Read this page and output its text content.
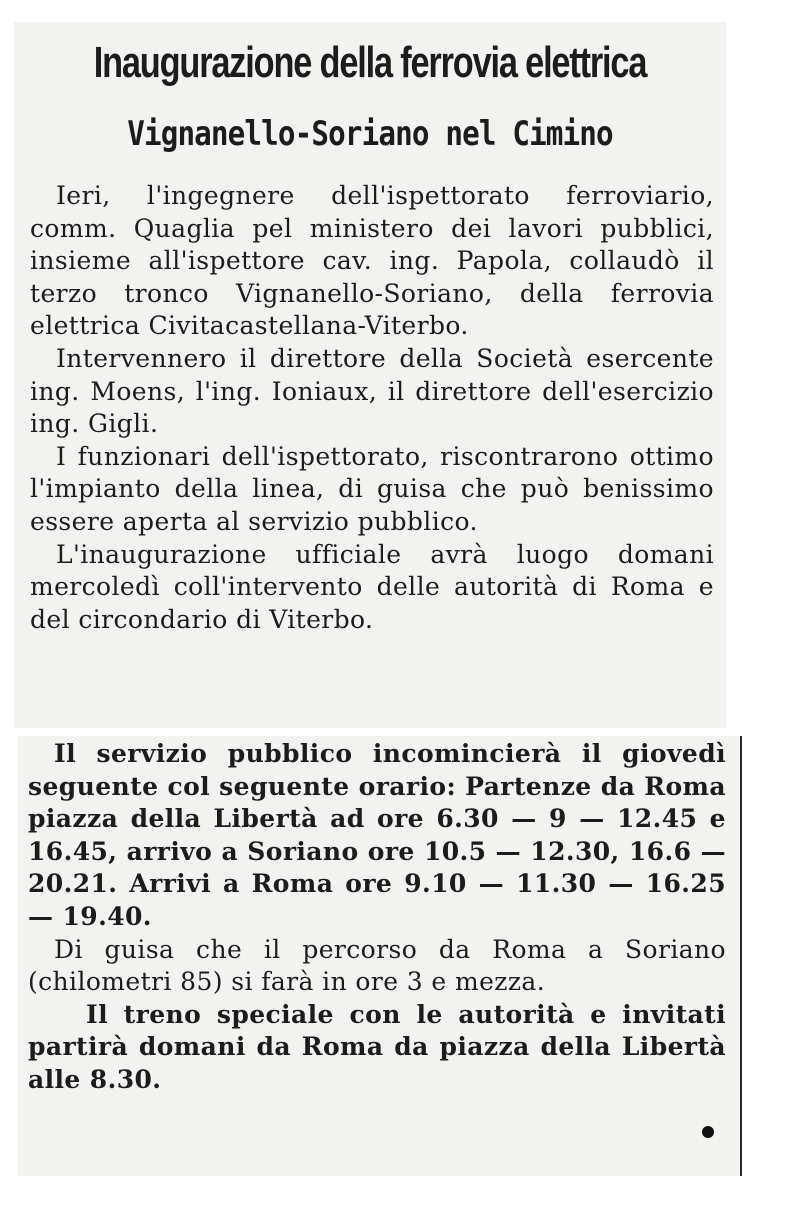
Inaugurazione della ferrovia elettrica
Vignanello-Soriano nel Cimino

Ieri, l'ingegnere dell'ispettorato ferroviario, comm. Quaglia pel ministero dei lavori pubblici, insieme all'ispettore cav. ing. Papola, collaudò il terzo tronco Vignanello-Soriano, della ferrovia elettrica Civitacastellana-Viterbo.

Intervennero il direttore della Società esercente ing. Moens, l'ing. Ioniaux, il direttore dell'esercizio ing. Gigli.

I funzionari dell'ispettorato, riscontrarono ottimo l'impianto della linea, di guisa che può benissimo essere aperta al servizio pubblico.

L'inaugurazione ufficiale avrà luogo domani mercoledì coll'intervento delle autorità di Roma e del circondario di Viterbo.

Il servizio pubblico incomincierà il giovedì seguente col seguente orario: Partenze da Roma piazza della Libertà ad ore 6.30 — 9 — 12.45 e 16.45, arrivo a Soriano ore 10.5 — 12.30, 16.6 — 20.21. Arrivi a Roma ore 9.10 — 11.30 — 16.25 — 19.40.

Di guisa che il percorso da Roma a Soriano (chilometri 85) si farà in ore 3 e mezza.

Il treno speciale con le autorità e invitati partirà domani da Roma da piazza della Libertà alle 8.30.
